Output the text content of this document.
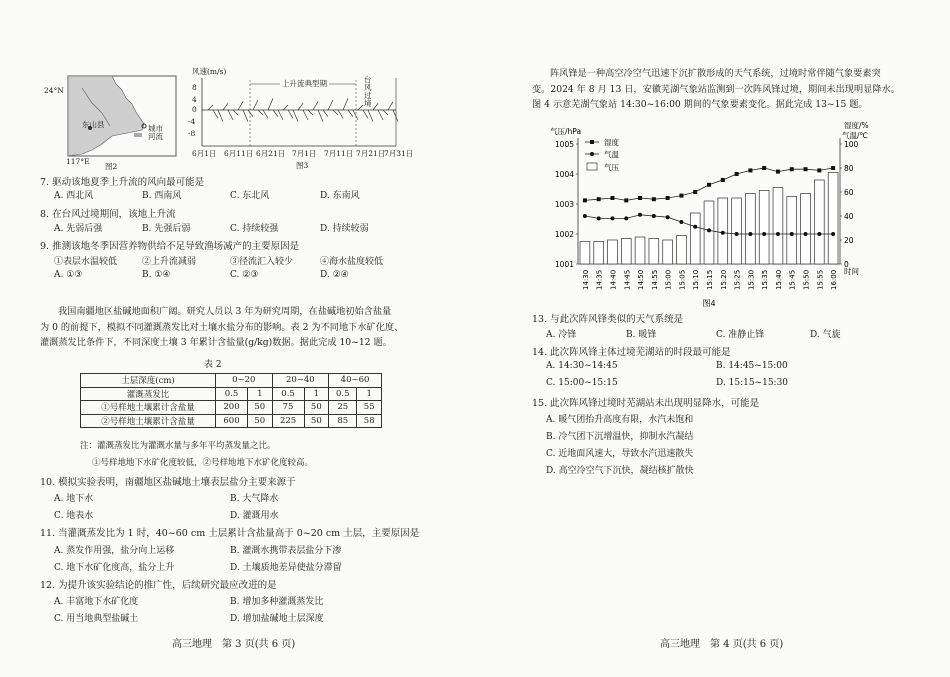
24°N
东山县	城市
河流
117°E
图2
风速(m/s)
8
4
0
-4
-8
上升流典型期	台风过境
6月1日 6月11日 6月21日 7月1日 7月11日 7月21日
7月31日
图3
7. 驱动该地夏季上升流的风向最可能是
A. 西北风	B. 西南风	C. 东北风	D. 东南风
8. 在台风过境期间，该地上升流
A. 先弱后强	B. 先强后弱	C. 持续较强	D. 持续较弱
9. 推测该地冬季因营养物供给不足导致渔场减产的主要原因是
①表层水温较低	②上升流减弱	③径流汇入较少	④海水盐度较低
A. ①③	B. ①④	C. ②③	D. ②④
我国南疆地区盐碱地面积广阔。研究人员以 3 年为研究周期，在盐碱地初始含盐量
为 0 的前提下，模拟不同灌溉蒸发比对土壤水盐分布的影响。表 2 为不同地下水矿化度、
灌溉蒸发比条件下，不同深度土壤 3 年累计含盐量(g/kg)数据。据此完成 10~12 题。
表 2
土层深度(cm)	0~20		20~40		40~60	
灌溉蒸发比	0.5	1	0.5	1	0.5	1
①号样地土壤累计含盐量	200	50	75	50	25	55
②号样地土壤累计含盐量	600	50	225	50	85	58
注：灌溉蒸发比为灌溉水量与多年平均蒸发量之比。
①号样地地下水矿化度较低，②号样地地下水矿化度较高。
10. 模拟实验表明，南疆地区盐碱地土壤表层盐分主要来源于
A. 地下水	B. 大气降水
C. 地表水	D. 灌溉用水
11. 当灌溉蒸发比为 1 时，40~60 cm 土层累计含盐量高于 0~20 cm 土层，主要原因是
A. 蒸发作用强，盐分向上运移	B. 灌溉水携带表层盐分下渗
C. 地下水矿化度高，盐分上升	D. 土壤质地差异使盐分滞留
12. 为提升该实验结论的推广性，后续研究最应改进的是
A. 丰富地下水矿化度	B. 增加多种灌溉蒸发比
C. 用当地典型盐碱土	D. 增加盐碱地土层深度
高三地理　第 3 页(共 6 页)
阵风锋是一种高空冷空气迅速下沉扩散形成的天气系统，过境时常伴随气象要素突
变。2024 年 8 月 13 日，安徽芜湖气象站监测到一次阵风锋过境，期间未出现明显降水。
图 4 示意芜湖气象站 14:30~16:00 期间的气象要素变化。据此完成 13~15 题。
气压/hPa
湿度/%
气温/℃
1005
1004
1003
1002
1001
100
80
60
40
20
0
14:30 14:35 14:40 14:45 14:50 14:55 15:00 15:05 15:10 15:15 15:20 15:25 15:30 15:35 15:40 15:45 15:50 15:55 16:00 时间
湿度
气温
气压
图4
13. 与此次阵风锋类似的天气系统是
A. 冷锋	B. 暖锋	C. 准静止锋	D. 气旋
14. 此次阵风锋主体过境芜湖站的时段最可能是
A. 14:30~14:45	B. 14:45~15:00
C. 15:00~15:15	D. 15:15~15:30
15. 此次阵风锋过境时芜湖站未出现明显降水，可能是
A. 暖气团抬升高度有限，水汽未饱和
B. 冷气团下沉增温快，抑制水汽凝结
C. 近地面风速大，导致水汽迅速散失
D. 高空冷空气下沉快，凝结核扩散快
高三地理　第 4 页(共 6 页)
